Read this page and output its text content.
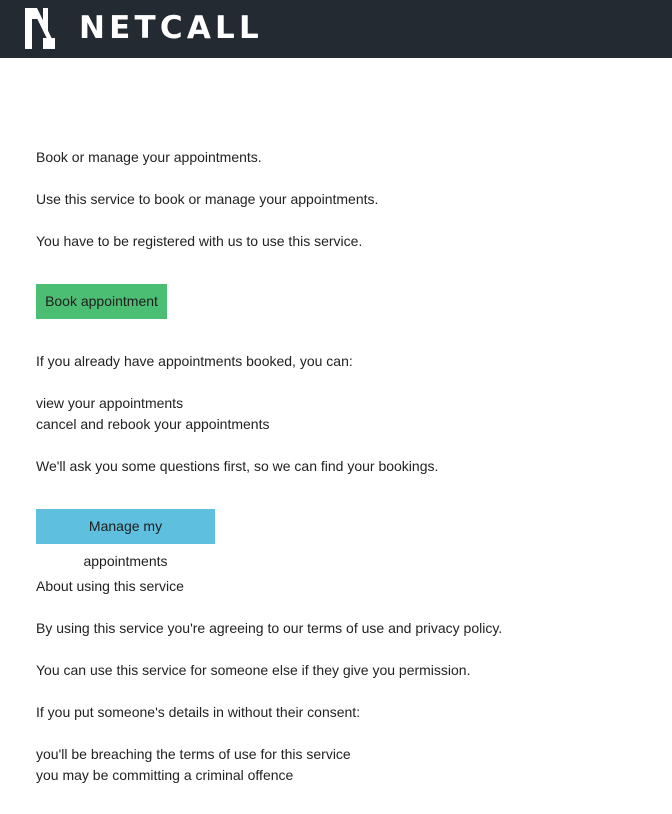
NETCALL
Book or manage your appointments.
Use this service to book or manage your appointments.
You have to be registered with us to use this service.
Book appointment
If you already have appointments booked, you can:
view your appointments
cancel and rebook your appointments
We'll ask you some questions first, so we can find your bookings.
Manage my appointments
About using this service
By using this service you're agreeing to our terms of use and privacy policy.
You can use this service for someone else if they give you permission.
If you put someone's details in without their consent:
you'll be breaching the terms of use for this service
you may be committing a criminal offence
